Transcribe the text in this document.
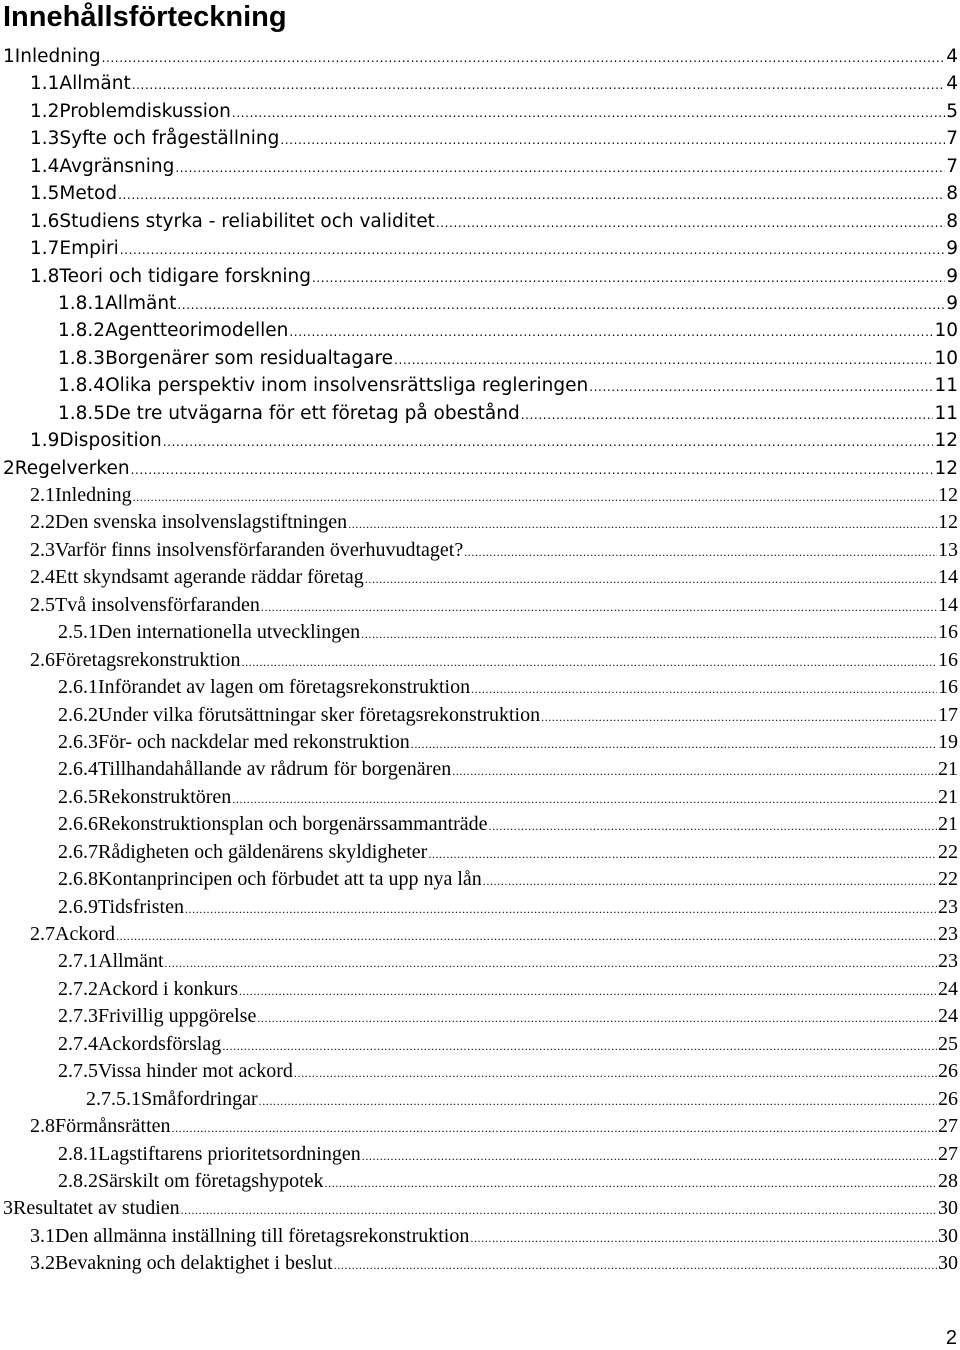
Innehållsförteckning
1 Inledning .....	4
1.1 Allmänt .....	4
1.2 Problemdiskussion .....	5
1.3 Syfte och frågeställning .....	7
1.4 Avgränsning .....	7
1.5 Metod .....	8
1.6 Studiens styrka - reliabilitet och validitet .....	8
1.7 Empiri .....	9
1.8 Teori och tidigare forskning .....	9
1.8.1 Allmänt .....	9
1.8.2 Agentteorimodellen .....	10
1.8.3 Borgenärer som residualtagare .....	10
1.8.4 Olika perspektiv inom insolvensrättsliga regleringen .....	11
1.8.5 De tre utvägarna för ett företag på obestånd .....	11
1.9 Disposition .....	12
2 Regelverken .....	12
2.1 Inledning .....	12
2.2 Den svenska insolvenslagstiftningen .....	12
2.3 Varför finns insolvensförfaranden överhuvudtaget? .....	13
2.4 Ett skyndsamt agerande räddar företag .....	14
2.5 Två insolvensförfaranden .....	14
2.5.1 Den internationella utvecklingen .....	16
2.6 Företagsrekonstruktion .....	16
2.6.1 Införandet av lagen om företagsrekonstruktion .....	16
2.6.2 Under vilka förutsättningar sker företagsrekonstruktion .....	17
2.6.3 För- och nackdelar med rekonstruktion .....	19
2.6.4 Tillhandahållande av rådrum för borgenären .....	21
2.6.5 Rekonstruktören .....	21
2.6.6 Rekonstruktionsplan och borgenärssammanträde .....	21
2.6.7 Rådigheten och gäldenärens skyldigheter .....	22
2.6.8 Kontanprincipen och förbudet att ta upp nya lån .....	22
2.6.9 Tidsfristen .....	23
2.7 Ackord .....	23
2.7.1 Allmänt .....	23
2.7.2 Ackord i konkurs .....	24
2.7.3 Frivillig uppgörelse .....	24
2.7.4 Ackordsförslag .....	25
2.7.5 Vissa hinder mot ackord .....	26
2.7.5.1 Småfordringar .....	26
2.8 Förmånsrätten .....	27
2.8.1 Lagstiftarens prioritetsordningen .....	27
2.8.2 Särskilt om företagshypotek .....	28
3 Resultatet av studien .....	30
3.1 Den allmänna inställning till företagsrekonstruktion .....	30
3.2 Bevakning och delaktighet i beslut .....	30
2
